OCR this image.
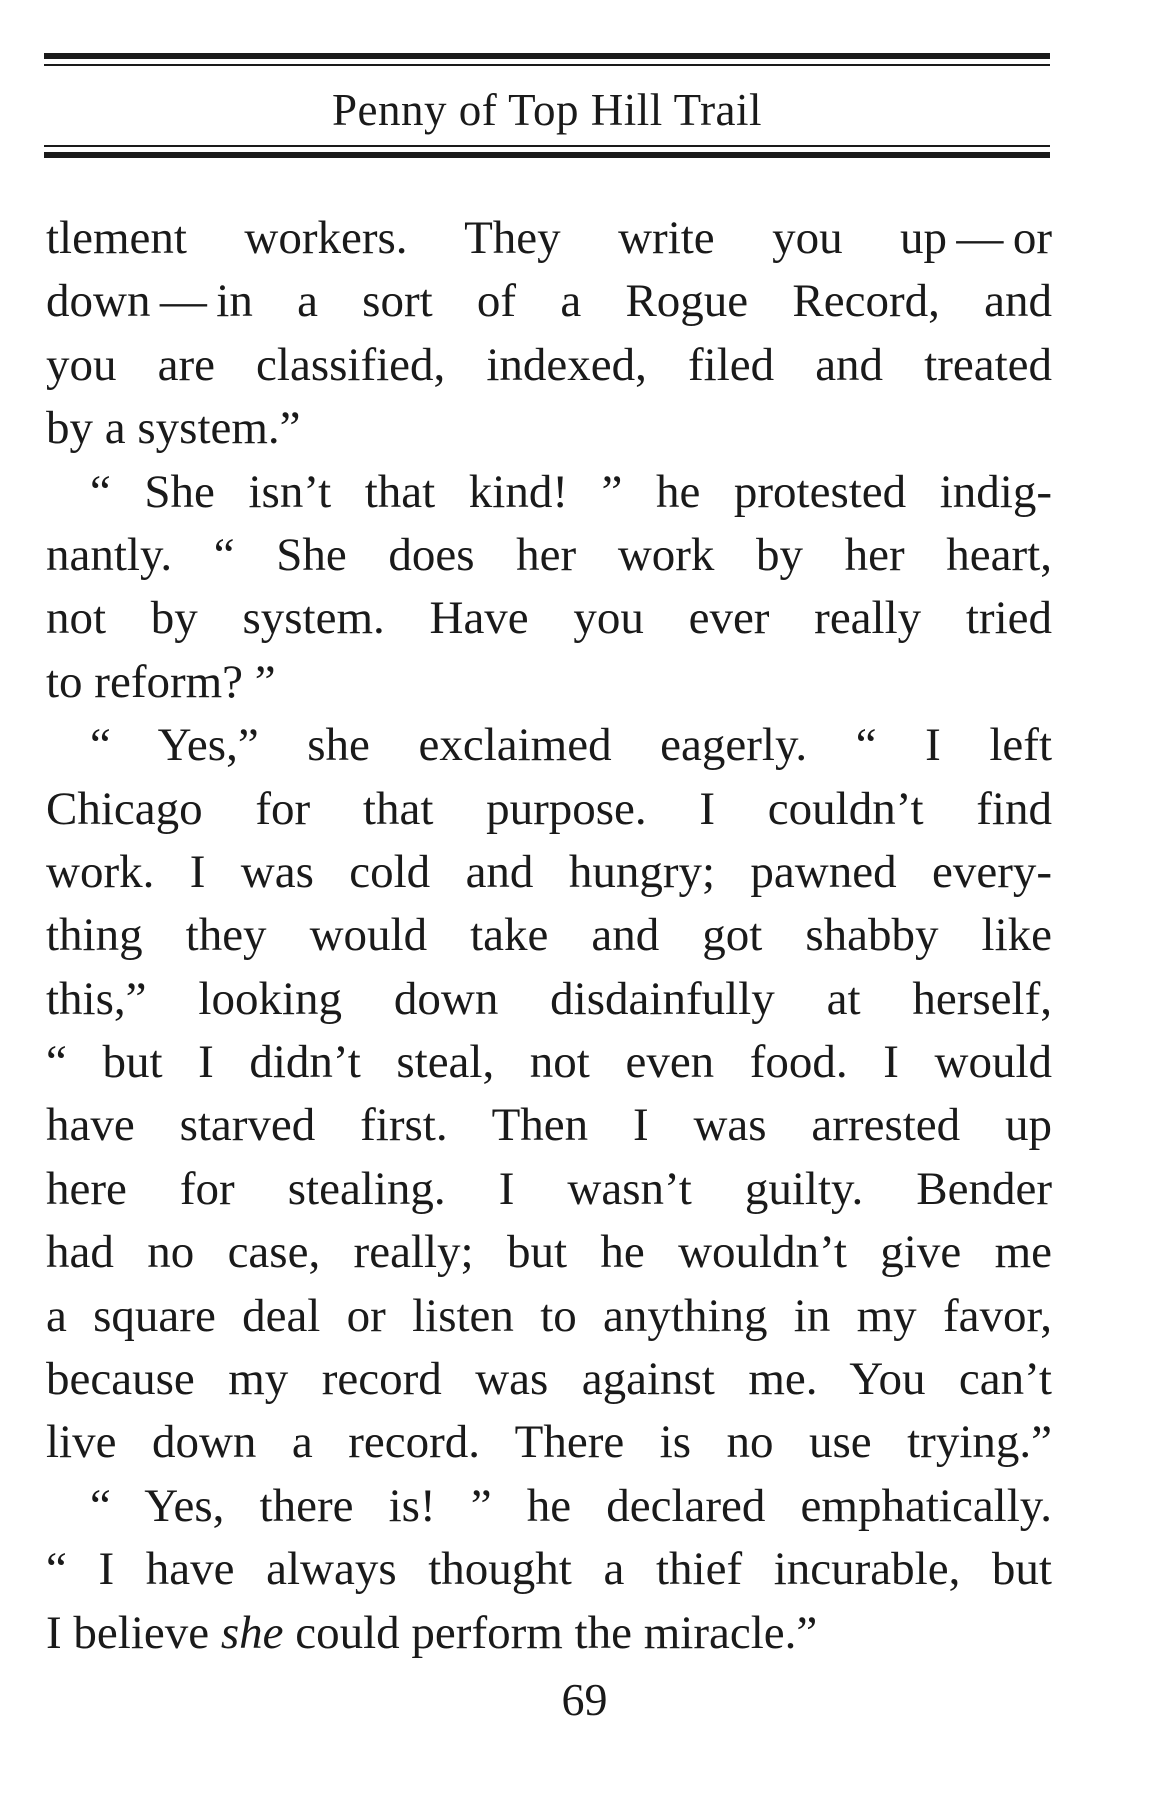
Penny of Top Hill Trail
tlement workers. They write you up — or
down — in a sort of a Rogue Record, and
you are classified, indexed, filed and treated
by a system.”
“ She isn’t that kind! ” he protested indig-
nantly. “ She does her work by her heart,
not by system. Have you ever really tried
to reform? ”
“ Yes,” she exclaimed eagerly. “ I left
Chicago for that purpose. I couldn’t find
work. I was cold and hungry; pawned every-
thing they would take and got shabby like
this,” looking down disdainfully at herself,
“ but I didn’t steal, not even food. I would
have starved first. Then I was arrested up
here for stealing. I wasn’t guilty. Bender
had no case, really; but he wouldn’t give me
a square deal or listen to anything in my favor,
because my record was against me. You can’t
live down a record. There is no use trying.”
“ Yes, there is! ” he declared emphatically.
“ I have always thought a thief incurable, but
I believe she could perform the miracle.”
69
